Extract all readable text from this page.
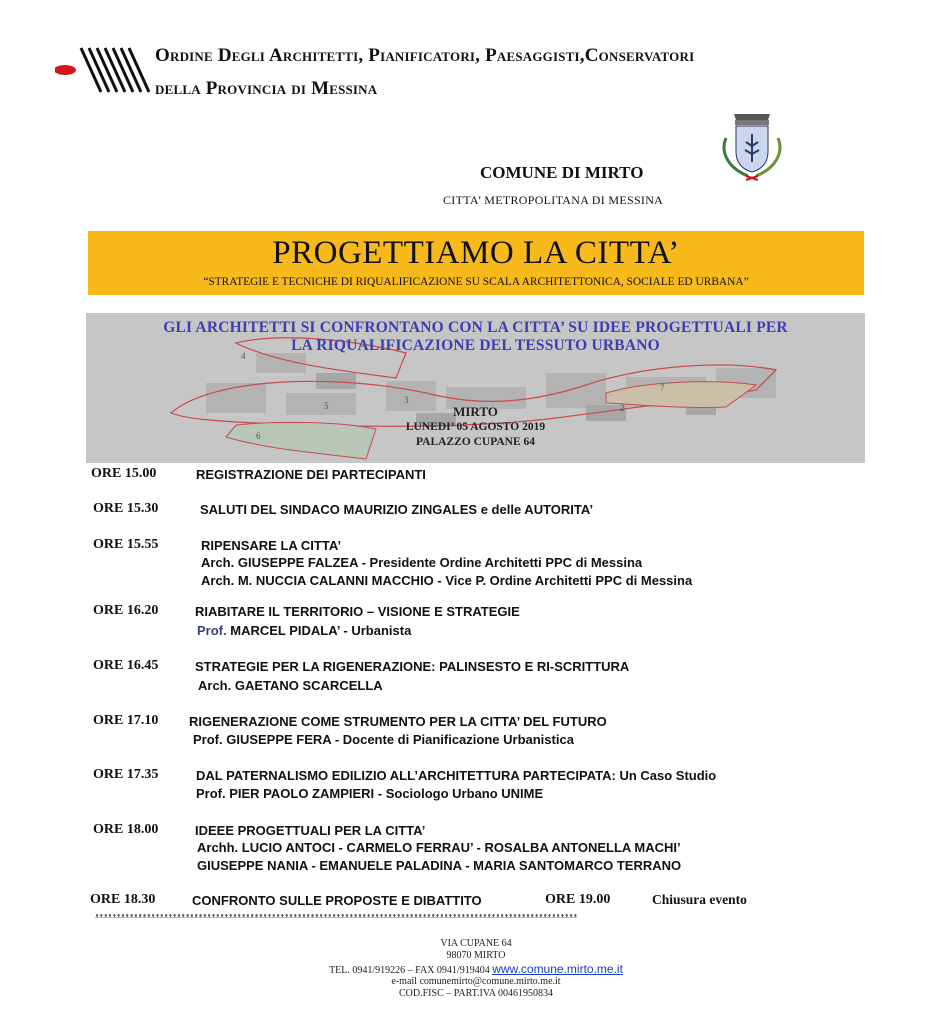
Ordine Degli Architetti, Pianificatori, Paesaggisti,Conservatori
della Provincia di Messina
COMUNE DI MIRTO
CITTA’ METROPOLITANA DI MESSINA
PROGETTIAMO LA CITTA’
“STRATEGIE E TECNICHE DI RIQUALIFICAZIONE SU SCALA ARCHITETTONICA, SOCIALE ED URBANA”
GLI ARCHITETTI SI CONFRONTANO CON LA CITTA’ SU IDEE PROGETTUALI PER
LA RIQUALIFICAZIONE DEL TESSUTO URBANO
4
5
3
7
2
6
MIRTO
LUNEDI’ 05 AGOSTO 2019
PALAZZO CUPANE 64
ORE 15.00	REGISTRAZIONE DEI PARTECIPANTI
ORE 15.30	SALUTI DEL SINDACO MAURIZIO ZINGALES e delle AUTORITA’
ORE 15.55	RIPENSARE LA CITTA’
Arch. GIUSEPPE FALZEA - Presidente Ordine Architetti PPC di Messina
Arch. M. NUCCIA CALANNI MACCHIO - Vice P. Ordine Architetti PPC di Messina
ORE 16.20	RIABITARE IL TERRITORIO – VISIONE E STRATEGIE
Prof. MARCEL PIDALA’ - Urbanista
ORE 16.45	STRATEGIE PER LA RIGENERAZIONE: PALINSESTO E RI-SCRITTURA
Arch. GAETANO SCARCELLA
ORE 17.10 RIGENERAZIONE COME STRUMENTO PER LA CITTA’ DEL FUTURO
Prof. GIUSEPPE FERA - Docente di Pianificazione Urbanistica
ORE 17.35	DAL PATERNALISMO EDILIZIO ALL’ARCHITETTURA PARTECIPATA: Un Caso Studio
Prof. PIER PAOLO ZAMPIERI - Sociologo Urbano UNIME
ORE 18.00	IDEEE PROGETTUALI PER LA CITTA’
Archh. LUCIO ANTOCI - CARMELO FERRAU’ - ROSALBA ANTONELLA MACHI’
GIUSEPPE NANIA - EMANUELE PALADINA - MARIA SANTOMARCO TERRANO
ORE 18.30	CONFRONTO SULLE PROPOSTE E DIBATTITO	ORE 19.00	Chiusura evento
ᴥᴥᴥᴥᴥᴥᴥᴥᴥᴥᴥᴥᴥᴥᴥᴥᴥᴥᴥᴥᴥᴥᴥᴥᴥᴥᴥᴥᴥᴥᴥᴥᴥᴥᴥᴥᴥᴥᴥᴥᴥᴥᴥᴥᴥᴥᴥᴥᴥᴥᴥᴥᴥᴥᴥᴥᴥᴥᴥᴥᴥᴥᴥᴥᴥᴥᴥᴥᴥᴥᴥᴥᴥᴥᴥᴥᴥᴥᴥᴥᴥᴥᴥᴥᴥᴥᴥᴥᴥᴥᴥᴥᴥᴥᴥᴥᴥᴥᴥᴥᴥᴥᴥᴥᴥᴥᴥᴥᴥᴥᴥᴥ
VIA CUPANE 64
98070 MIRTO
TEL. 0941/919226 – FAX 0941/919404 www.comune.mirto.me.it
e-mail comunemirto@comune.mirto.me.it
COD.FISC – PART.IVA 00461950834
